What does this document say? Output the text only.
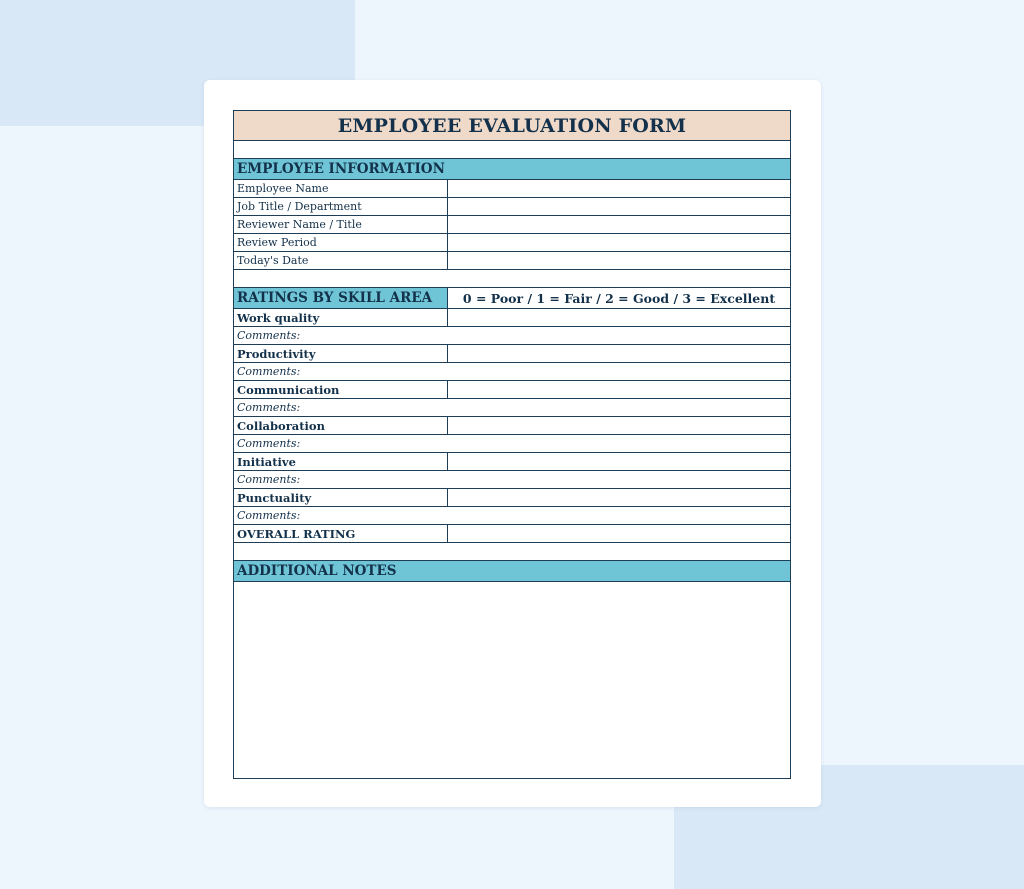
EMPLOYEE EVALUATION FORM
EMPLOYEE INFORMATION
Employee Name
Job Title / Department
Reviewer Name / Title
Review Period
Today's Date
RATINGS BY SKILL AREA	0 = Poor / 1 = Fair / 2 = Good / 3 = Excellent
Work quality
Comments:
Productivity
Comments:
Communication
Comments:
Collaboration
Comments:
Initiative
Comments:
Punctuality
Comments:
OVERALL RATING
ADDITIONAL NOTES
